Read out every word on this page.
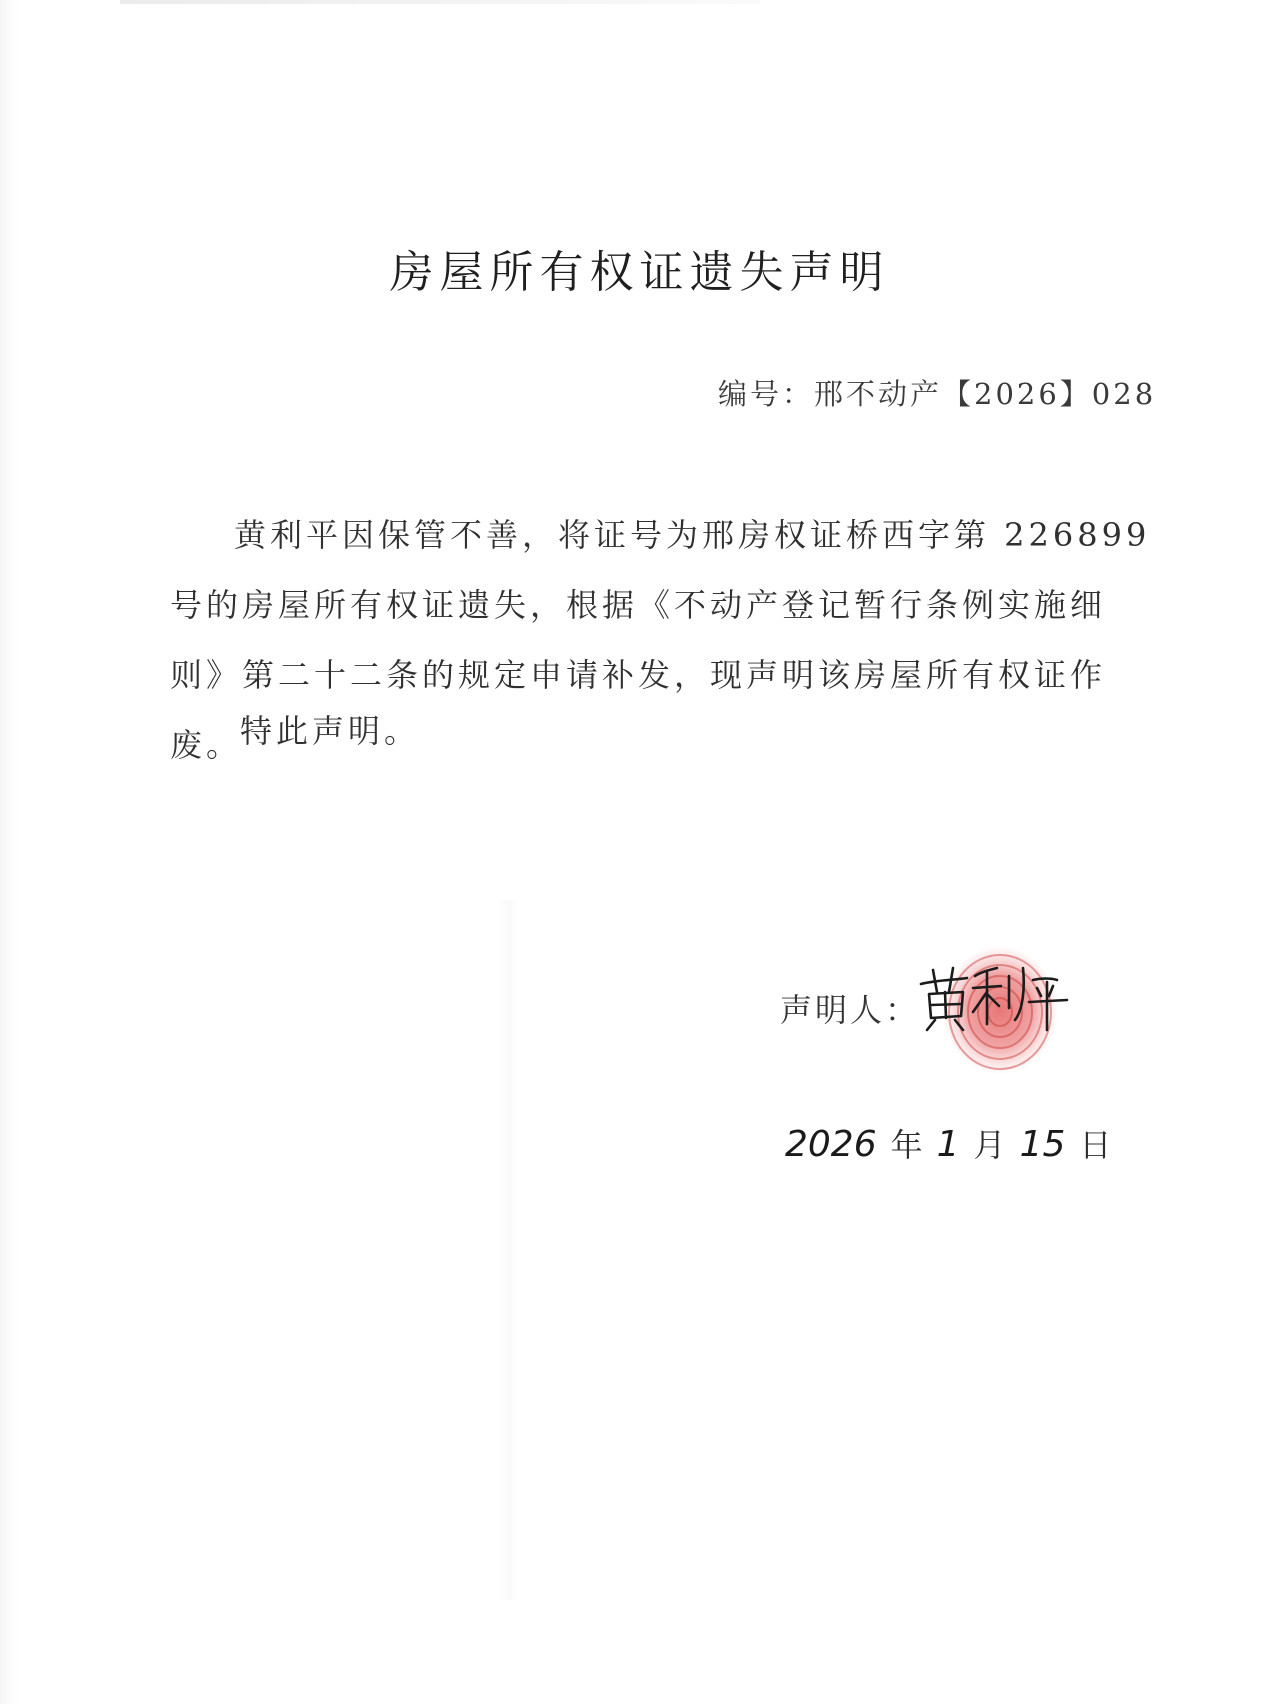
房屋所有权证遗失声明
编号：邢不动产【2026】028

黄利平因保管不善，将证号为邢房权证桥西字第 226899 号的房屋所有权证遗失，根据《不动产登记暂行条例实施细则》第二十二条的规定申请补发，现声明该房屋所有权证作废。

特此声明。
声明人：
2026 年 1 月 15 日
